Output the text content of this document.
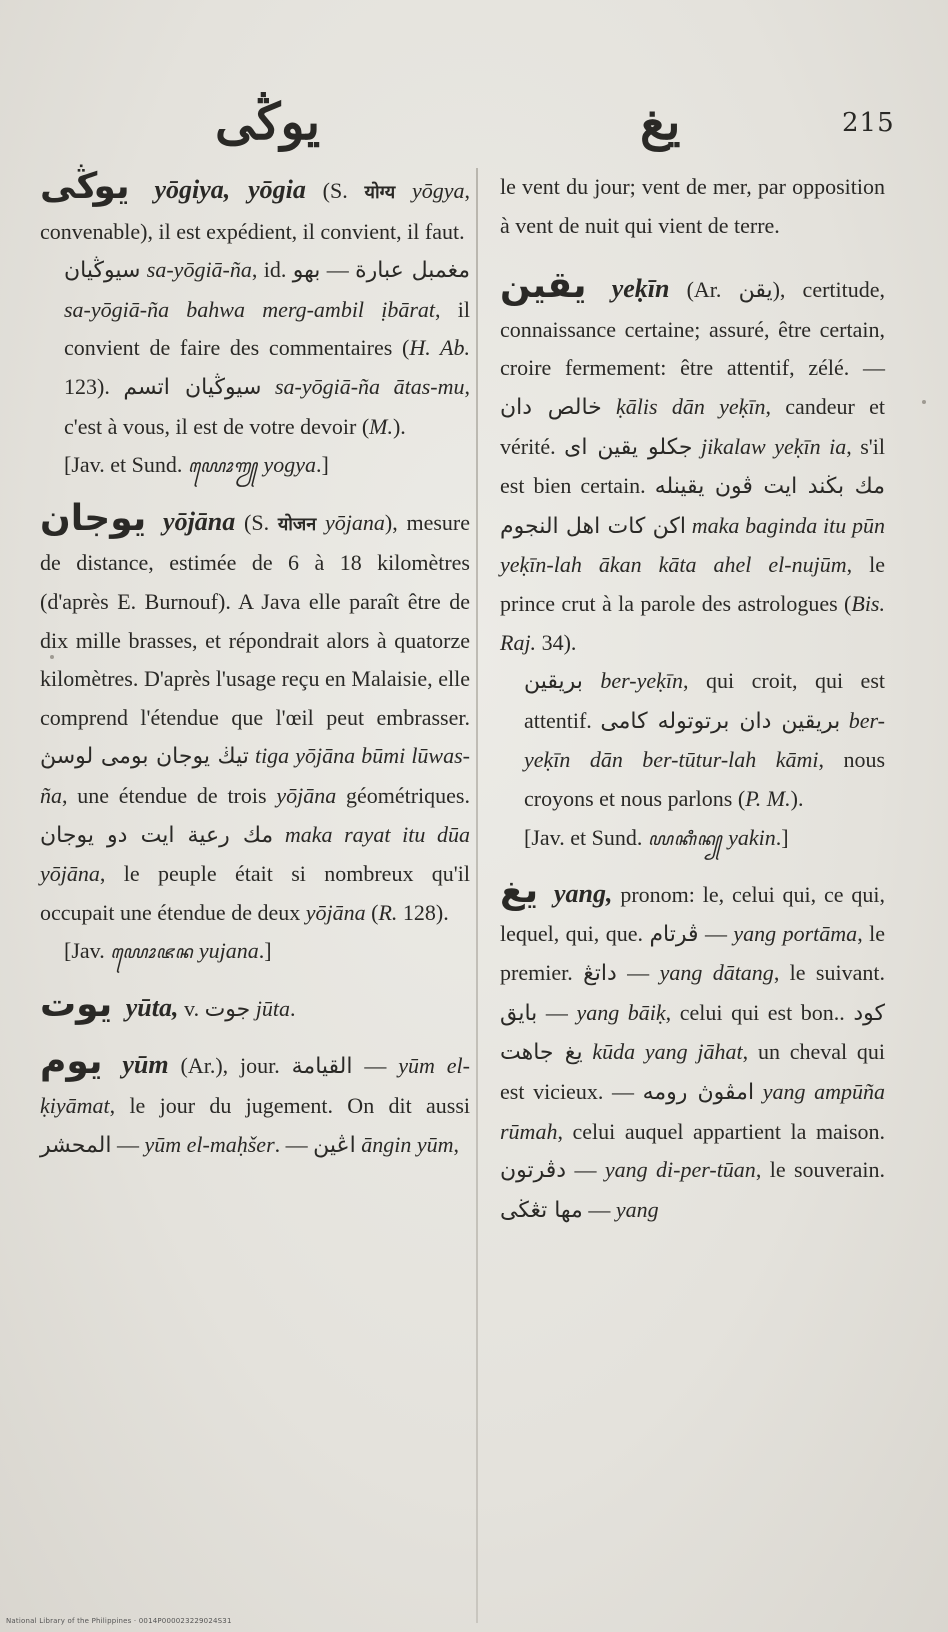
يوڭى	يغ	215

يوڭى yōgiya, yōgia (S. योग्य yōgya, convenable), il est expédient, il convient, il faut.

سيوڭيان sa-yōgiā-ña, id. بهو — مغمبل عبارة sa-yōgiā-ña bahwa merg-ambil ịbārat, il convient de faire des commentaires (H. Ab. 123). سيوڭيان اتسم sa-yōgiā-ña ātas-mu, c'est à vous, il est de votre devoir (M.).

[Jav. et Sund. ꦪꦺꦴꦒꦾ yogya.]

يوجان yōjāna (S. योजन yōjana), mesure de distance, estimée de 6 à 18 kilomètres (d'après E. Burnouf). A Java elle paraît être de dix mille brasses, et répondrait alors à quatorze kilomètres. D'après l'usage reçu en Malaisie, elle comprend l'étendue que l'œil peut embrasser. تيڬ يوجان بومی لوسڽ tiga yōjāna būmi lūwas-ña, une étendue de trois yōjāna géométriques. مك رعية ايت دو يوجان maka rayat itu dūa yōjāna, le peuple était si nombreux qu'il occupait une étendue de deux yōjāna (R. 128).

[Jav. ꦪꦺꦴꦗꦤ yujana.]

يوت yūta, v. جوت jūta.

يوم yūm (Ar.), jour. القيامة — yūm el-ḳiyāmat, le jour du jugement. On dit aussi المحشر — yūm el-maḥšer. — اڠين āngin yūm,

le vent du jour; vent de mer, par opposition à vent de nuit qui vient de terre.

يقين yeḳīn (Ar. يقن), certitude, connaissance certaine; assuré, être certain, croire fermement: être attentif, zélé. — خالص دان ḳālis dān yeḳīn, candeur et vérité. جكلو يقين اى jikalaw yeḳīn ia, s'il est bien certain. مك بڬند ايت ڤون يقينله اكن كات اهل النجوم maka baginda itu pūn yeḳīn-lah ākan kāta ahel el-nujūm, le prince crut à la parole des astrologues (Bis. Raj. 34).

بريقين ber-yeḳīn, qui croit, qui est attentif. بريقين دان برتوتوله كامی ber-yeḳīn dān ber-tūtur-lah kāmi, nous croyons et nous parlons (P. M.).

[Jav. et Sund. ꦪꦏꦶꦤ꧀ yakin.]

يغ yang, pronom: le, celui qui, ce qui, lequel, qui, que. ڤرتام — yang portāma, le premier. داتڠ — yang dātang, le suivant. بايق — yang bāiḳ, celui qui est bon.. كود يغ جاهت kūda yang jāhat, un cheval qui est vicieux. — امڤوڽ رومه yang ampūña rūmah, celui auquel appartient la maison. دڤرتون — yang di-per-tūan, le souverain. مها تڠڬى — yang

National Library of the Philippines · 0014P000023229024S31
